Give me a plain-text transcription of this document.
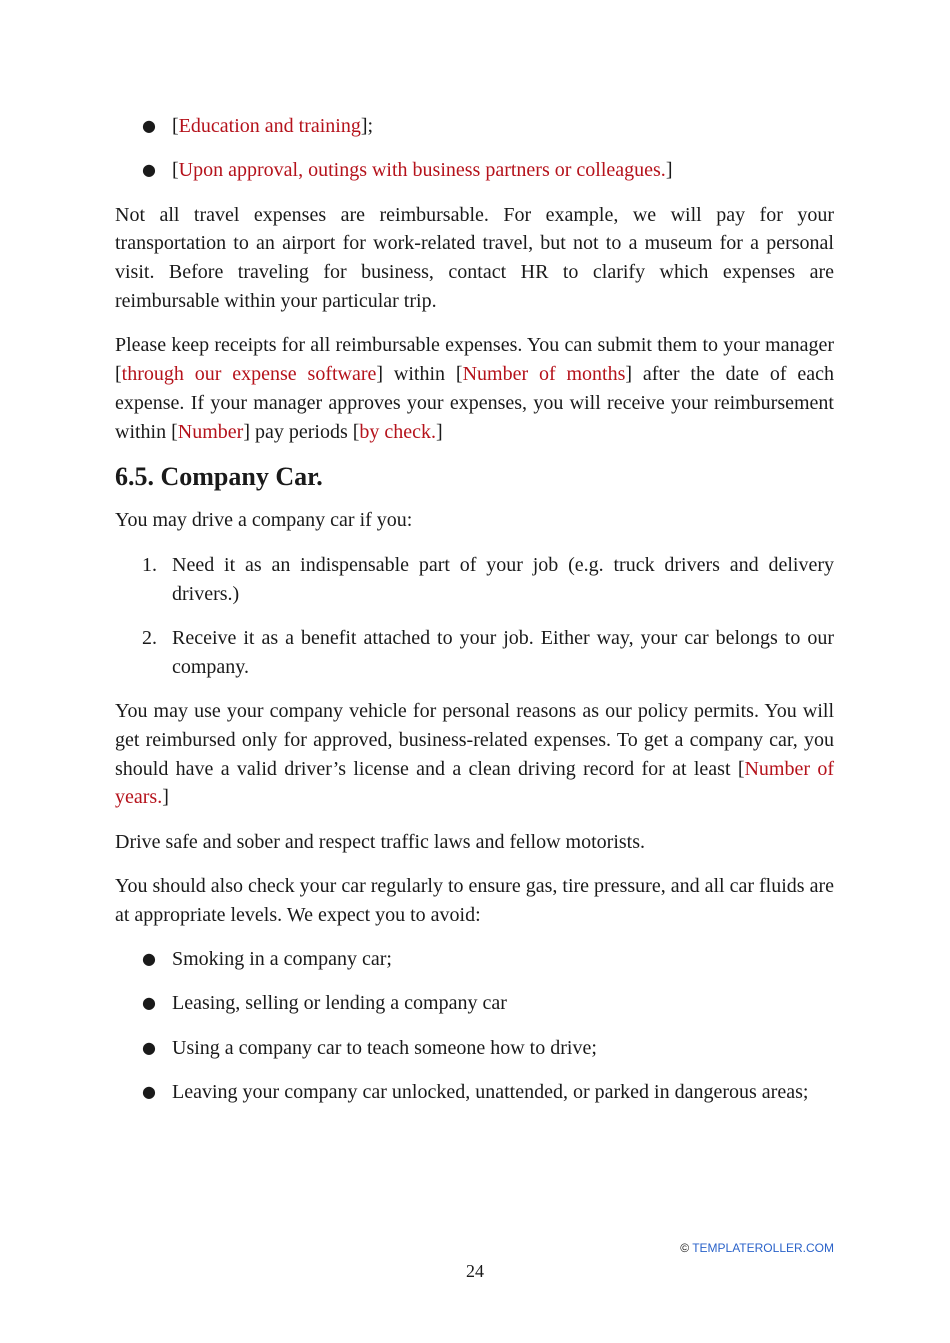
● [Education and training];
● [Upon approval, outings with business partners or colleagues.]

Not all travel expenses are reimbursable. For example, we will pay for your transportation to an airport for work-related travel, but not to a museum for a personal visit. Before traveling for business, contact HR to clarify which expenses are reimbursable within your particular trip.

Please keep receipts for all reimbursable expenses. You can submit them to your manager [through our expense software] within [Number of months] after the date of each expense. If your manager approves your expenses, you will receive your reimbursement within [Number] pay periods [by check.]

6.5. Company Car.

You may drive a company car if you:

1. Need it as an indispensable part of your job (e.g. truck drivers and delivery drivers.)
2. Receive it as a benefit attached to your job. Either way, your car belongs to our company.

You may use your company vehicle for personal reasons as our policy permits. You will get reimbursed only for approved, business-related expenses. To get a company car, you should have a valid driver’s license and a clean driving record for at least [Number of years.]

Drive safe and sober and respect traffic laws and fellow motorists.

You should also check your car regularly to ensure gas, tire pressure, and all car fluids are at appropriate levels. We expect you to avoid:

● Smoking in a company car;
● Leasing, selling or lending a company car
● Using a company car to teach someone how to drive;
● Leaving your company car unlocked, unattended, or parked in dangerous areas;
© TEMPLATEROLLER.COM
24
